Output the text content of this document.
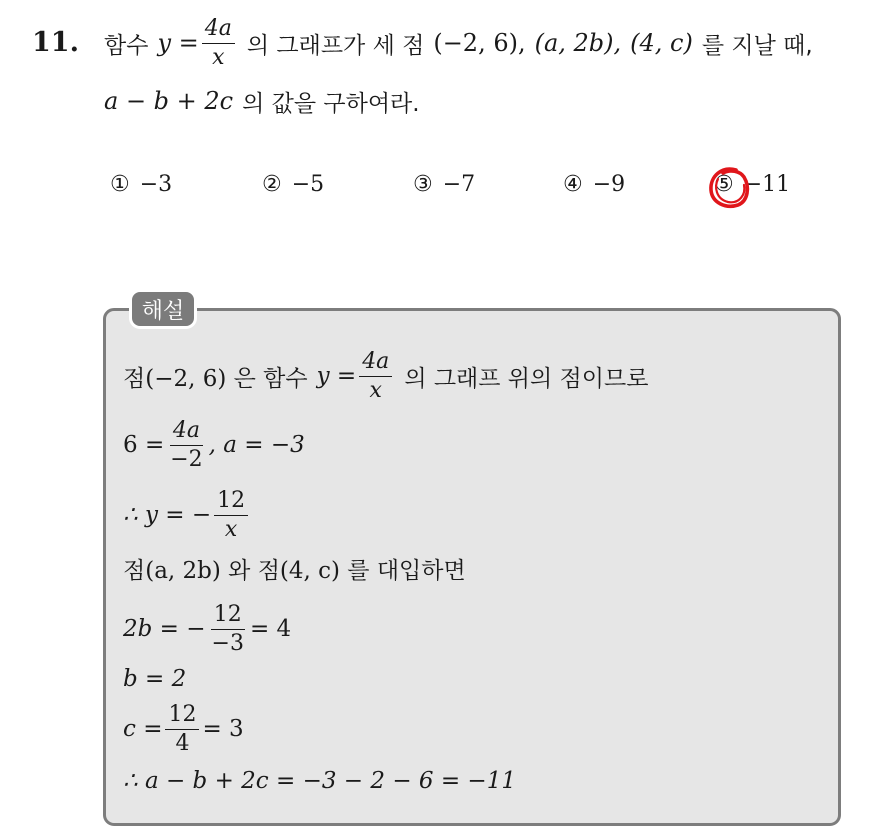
11. 함수 $y = \frac{4a}{x}$ 의 그래프가 세 점 (−2, 6), (a, 2b), (4, c) 를 지날 때,
a − b + 2c 의 값을 구하여라.
① −3	② −5	③ −7	④ −9	⑤ −11
해설
점(−2, 6) 은 함수 $y = \frac{4a}{x}$ 의 그래프 위의 점이므로
$6 = \frac{4a}{-2}$ , a = −3
∴ y = − $\frac{12}{x}$
점(a, 2b) 와 점(4, c) 를 대입하면
2b = − $\frac{12}{-3} = 4$
b = 2
$c = \frac{12}{4} = 3$
∴ a − b + 2c = −3 − 2 − 6 = −11
